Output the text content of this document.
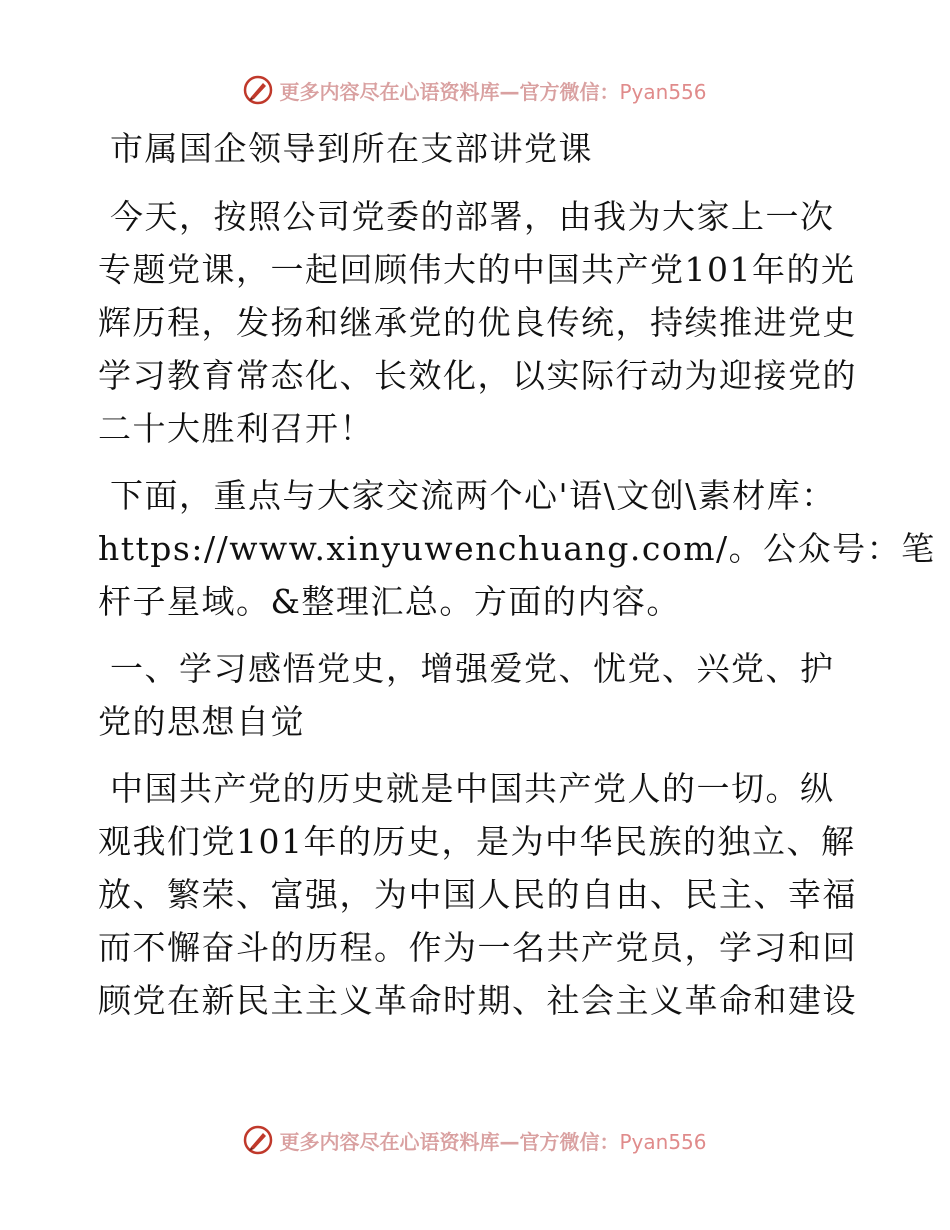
更多内容尽在心语资料库—官方微信：Pyan556
市属国企领导到所在支部讲党课
今天，按照公司党委的部署，由我为大家上一次
专题党课，一起回顾伟大的中国共产党101年的光
辉历程，发扬和继承党的优良传统，持续推进党史
学习教育常态化、长效化，以实际行动为迎接党的
二十大胜利召开！
下面，重点与大家交流两个心'语\文创\素材库：
https://www.xinyuwenchuang.com/。公众号：笔
杆子星域。&整理汇总。方面的内容。
一、学习感悟党史，增强爱党、忧党、兴党、护
党的思想自觉
中国共产党的历史就是中国共产党人的一切。纵
观我们党101年的历史，是为中华民族的独立、解
放、繁荣、富强，为中国人民的自由、民主、幸福
而不懈奋斗的历程。作为一名共产党员，学习和回
顾党在新民主主义革命时期、社会主义革命和建设
更多内容尽在心语资料库—官方微信：Pyan556
